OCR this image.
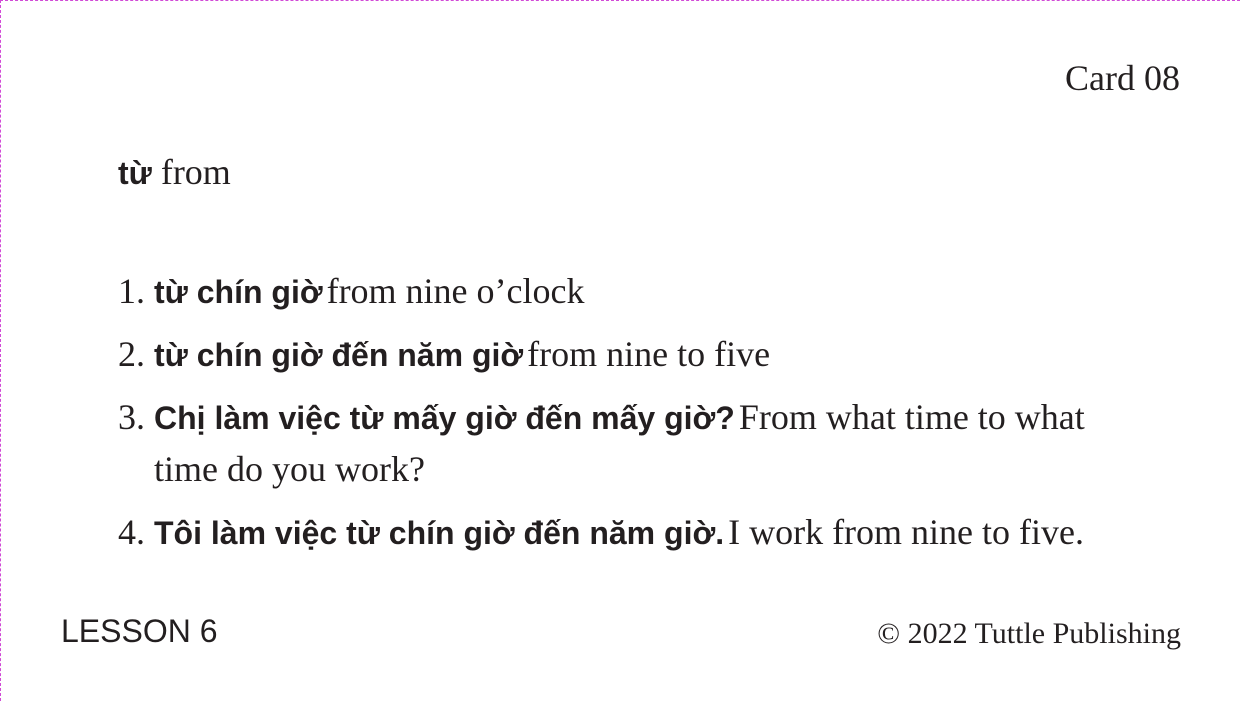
Card 08
từ from
1. từ chín giờ from nine o’clock
2. từ chín giờ đến năm giờ from nine to five
3. Chị làm việc từ mấy giờ đến mấy giờ? From what time to what time do you work?
4. Tôi làm việc từ chín giờ đến năm giờ. I work from nine to five.
LESSON 6	© 2022 Tuttle Publishing
